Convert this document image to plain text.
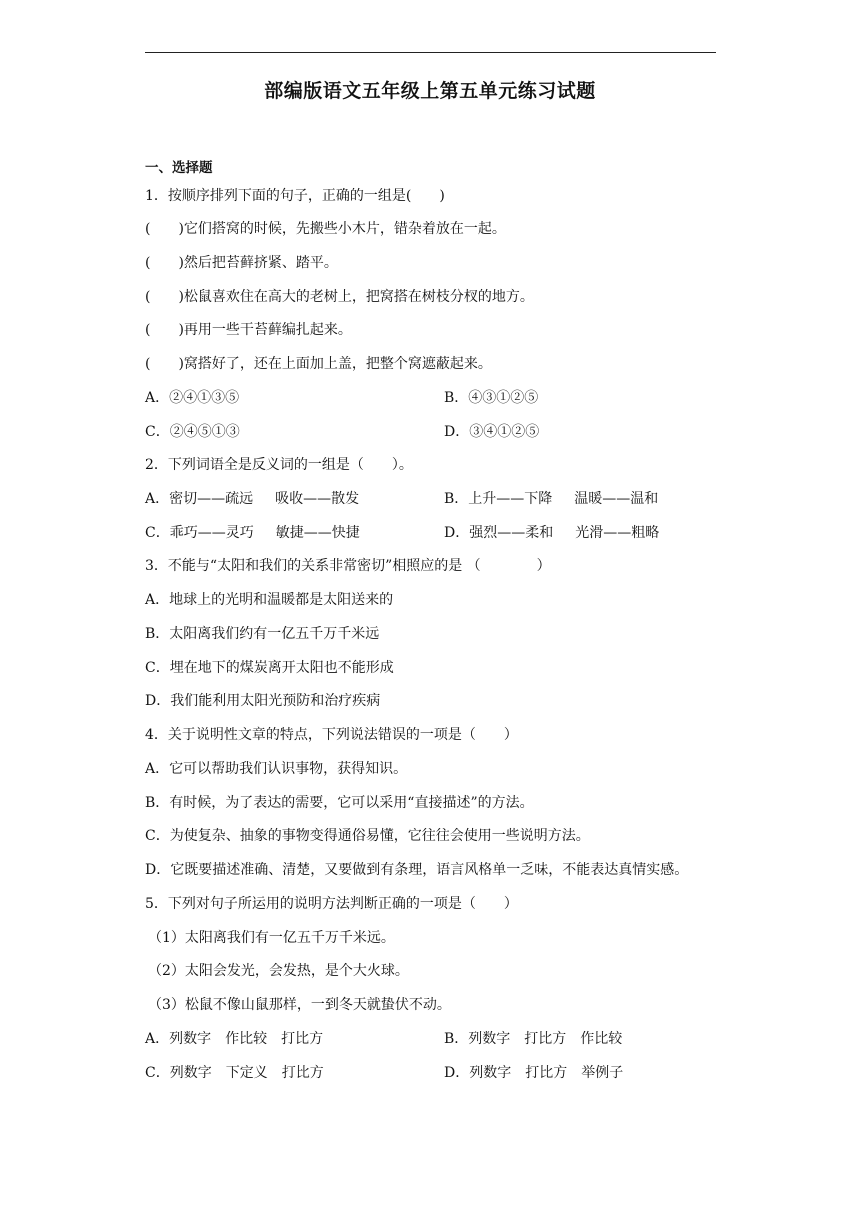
部编版语文五年级上第五单元练习试题
一、选择题
1．按顺序排列下面的句子，正确的一组是(　　)
(　　)它们搭窝的时候，先搬些小木片，错杂着放在一起。
(　　)然后把苔藓挤紧、踏平。
(　　)松鼠喜欢住在高大的老树上，把窝搭在树枝分杈的地方。
(　　)再用一些干苔藓编扎起来。
(　　)窝搭好了，还在上面加上盖，把整个窝遮蔽起来。
A．②④①③⑤	B．④③①②⑤
C．②④⑤①③	D．③④①②⑤
2．下列词语全是反义词的一组是（　　）。
A．密切——疏远 吸收——散发	B．上升——下降 温暖——温和
C．乖巧——灵巧 敏捷——快捷	D．强烈——柔和 光滑——粗略
3．不能与“太阳和我们的关系非常密切”相照应的是 （　　　　）
A．地球上的光明和温暖都是太阳送来的
B．太阳离我们约有一亿五千万千米远
C．埋在地下的煤炭离开太阳也不能形成
D．我们能利用太阳光预防和治疗疾病
4．关于说明性文章的特点，下列说法错误的一项是（　　）
A．它可以帮助我们认识事物，获得知识。
B．有时候，为了表达的需要，它可以采用“直接描述”的方法。
C．为使复杂、抽象的事物变得通俗易懂，它往往会使用一些说明方法。
D．它既要描述准确、清楚，又要做到有条理，语言风格单一乏味，不能表达真情实感。
5．下列对句子所运用的说明方法判断正确的一项是（　　）
（1）太阳离我们有一亿五千万千米远。
（2）太阳会发光，会发热，是个大火球。
（3）松鼠不像山鼠那样，一到冬天就蛰伏不动。
A．列数字　作比较　打比方	B．列数字　打比方　作比较
C．列数字　下定义　打比方	D．列数字　打比方　举例子
